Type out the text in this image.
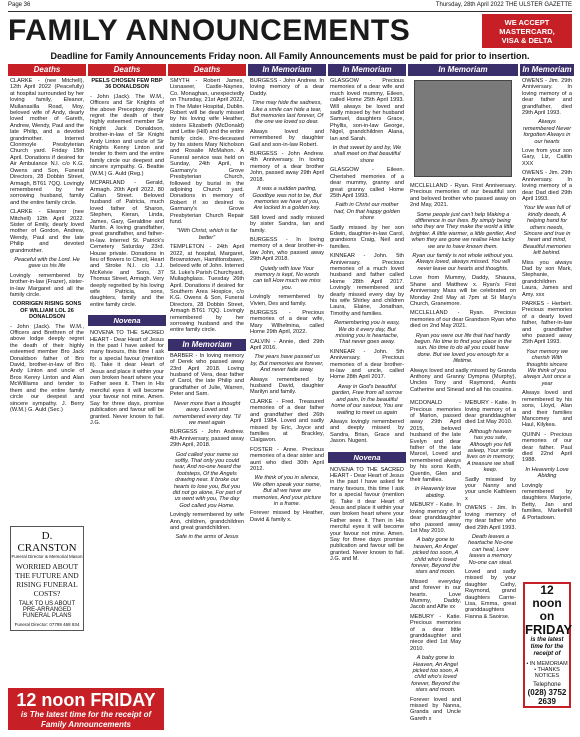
Page 36	Thursday, 28th April 2022 THE ULSTER GAZETTE
FAMILY ANNOUNCEMENTS	WE ACCEPT
MASTERCARD,
VISA & DELTA
Deadline for Family Announcements Friday noon. All Family Announcements must be paid for prior to insertion.
Deaths

CLARKE - (nee Mitchell), 12th April 2022 (Peacefully) at hospital surrounded by her loving family, Eleanor, Mullanasilla Road, Moy, beloved wife of Andy, dearly loved mother of Gareth, Andrew, Wendy, Paul and the late Philip, and a devoted grandmother. Interred Clonmoyle Presbyterian Church yard. Friday 15th April. Donations if desired for Air Ambulance N.I. c/o K.G. Owens and Son, Funeral Directors, 28 Dobbin Street, Armagh, BT61 7QQ. Lovingly remembered by her sorrowing husband, family and the entire family circle.

CLARKE - Eleanor (nee Mitchell) 12th April 2022. Sister of Emily, dearly loved mother of Gordon, Andrew, Wendy, Paul and the late Philip and devoted grandmother.

Peaceful with the Lord. He gave us his life

Lovingly remembered by brother-in-law (Frazer), sister-in-law Margaret and all the family circle.

CORRIGEN RISING SONS OF WILLIAM LOL 26 DONALDSON

- John (Jack). The W.M., Officers and Brethren of the above lodge deeply regret the death of their highly esteemed member Bro Jack Donaldson father of Bro David, brother-in-law of Bro Andy Linton and uncle of Bros Kenny Linton and Alan McWilliams and tender to them and the entire family circle our deepest and sincere sympathy. J. Berry (W.M.) G. Auld (Sec.)

D. CRANSTON
Funeral Director & Memorial Mason
WORRIED ABOUT THE FUTURE AND RISING FUNERAL COSTS?
TALK TO US ABOUT PRE-ARRANGED FUNERAL PLANS
Funeral Director: 07789 468 934
Deaths

PEELS CHOSEN FEW RBP 36 DONALDSON

- John (Jack). The W.M., Officers and Sir Knights of the above Preceptory deeply regret the death of their highly esteemed member Sir Knight Jack Donaldson, brother-in-law of Sir Knight Andy Linton and uncle of Sir Knights Kenny Linton and tender to them and the entire family circle our deepest and sincere sympathy. G. Beattie (W.M.) G. Auld (Reg.)

MCPARLAND - Gerald, Armagh. 20th April 2022. 80 Callan Street. Beloved husband of Patricia, much loved father of Sharon, Stephen, Kieran, Linda, James, Gary, Geraldine and Martin. A loving grandfather, great grandfather, and father-in-law. Interred St. Patrick's Cemetery Saturday 23rd. House private. Donations in lieu of flowers to Chest, Heart and Stroke N.I. c/o J.J. McKelvie and Sons, 37 Thomas Street, Armagh. Very deeply regretted by his loving wife Patricia, sons, daughters, family and the entire family circle.

Novena

NOVENA TO THE SACRED HEART - Dear Heart of Jesus in the past I have asked for many favours, this time I ask for a special favour (mention it). Take it dear Heart of Jesus and place it within your own broken heart where your Father sees it. Then in His merciful eyes it will become your favour not mine. Amen. Say for three days, promise publication and favour will be granted. Never known to fail. J.G.

12 noon FRIDAY
is The latest time for the receipt of Family Announcements
Deaths

SMYTH - Robert James, Lisnaseer, Castle-Naynes, Co. Monaghan, unexpectedly on Thursday, 21st April 2022, in The Mater Hospital, Dublin. Robert will be dearly missed by his loving wife Heather, sisters Elizabeth (McDonald) and Lettie (Hill) and the entire family circle. Pre-deceased by his sisters Mary Nicholson and Rosalie McMahon. A Funeral service was held on Sunday, 24th April, in Garmany's Grove Presbyterian Church, followed by burial in the adjoining Church yard. Donations in memory of Robert if so desired to Garmany's Grove Presbyterian Church Repair fund.

"With Christ, which is far better"

TEMPLETON - 24th April 2022, at hospital, Margaret, Brownstown, Hamiltonsbawn, beloved wife of John. Interred St. Luke's Parish Churchyard, Mullaghglass. Tuesday 26th April. Donations if desired for Southern Area Hospice, c/o K.G. Owens & Son, Funeral Directors, 28 Dobbin Street, Armagh BT61 7QQ. Lovingly remembered by her sorrowing husband and the entire family circle.

In Memoriam

BARBER - In loving memory of Derek who passed away 23rd April 2018. Loving husband of Vera, dear father of Carol, the late Philip and grandfather of Julie, Warren, Peter and Sam.

Never more than a thought away. Loved and remembered every day. 'Til we meet again

BURGESS - John Andrew. 4th Anniversary, passed away 29th April, 2018.

God called your name so softly, That only you could hear, And no-one heard the footsteps, Of the Angels drawing near. It broke our hearts to lose you, But you did not go alone, For part of us went with you, The day God called you Home.

Lovingly remembered by wife Ann, children, grandchildren and great grandchildren.

Safe in the arms of Jesus

In Memoriam

BURGESS - John Andrew. In loving memory of a dear Daddy.

Time may hide the sadness, Like a smile can hide a tear, But memories last forever, Of the one we loved so dear.

Always loved and remembered by daughter Gail and son-in-law Robert.

BURGESS - John Andrew. 4th Anniversary. In loving memory of a dear brother John, passed away 29th April 2018.

It was a sudden parting, Goodbye was not to be, But memories we have of you, Are locked in a golden key.

Still loved and sadly missed by sister Sandra, Ian and family.

BURGESS - In loving memory of a dear brother-in-law John, who passed away 29th April 2018.

Quietly with love Your memory is kept, No words can tell How much we miss you.

Lovingly remembered by Vivien, Des and family.

BURGESS - Precious memories of a dear wife, Mary Wilhelmina, called Home 29th April, 2022.

CALVIN - Annie, died 29th April 2016.

The years have passed us by, But memories are forever, And never fade away.

Always remembered by husband David, daughter Marilyn and family.

CLARKE - Fred. Treasured memories of a dear father and grandfather died 26th April 1984. Loved and sadly missed by Eric, Joyce and families at Brackley, Claigavon.

FOSTER - Anne. Precious memories of a dear sister and aunt who died 30th April 2012.

We think of you in silence, We often speak your name, But all we have are memories, And your picture in a frame.

Forever missed by Heather, David & family x.

In Memoriam

GLASGOW - Precious memories of a dear wife and much loved mummy, Eileen, called Home 25th April 1993. Will always be loved and sadly missed by her husband Samuel, daughters Grace, Phyllis, son-in-law George, Nigel, grandchildren Alana, Ian and Sarah.

In that sweet by and by, We shall meet on that beautiful shore

GLASGOW - Eileen. Cherished memories of a dear mummy, granny and great granny called Home 25th April 1993.

Faith in Christ our mother had, On that happy golden shore

Sadly missed by her son Edwin, daughter-in-law Carol, grandsons Craig, Neil and families.

KINNEAR - John. 5th Anniversary. Precious memories of a much loved husband and father called Home 28th April 2017. Lovingly remembered and dearly missed every day by his wife Shirley and children Laura, Elaine, Jonathan, Timothy and families.

Remembering you is easy, We do it every day, But missing you is heartache, That never goes away.

KINNEAR - John. 5th Anniversary. Precious memories of a dear brother-in-law and uncle, called Home 28th April 2017.

Away in God's beautiful garden, Free from all sorrow and pain, In the beautiful home of our saviour, You are waiting to meet us again

Always lovingly remembered and deeply missed by Sandra, Brian, Grace and Jason. Nugent.

Novena

NOVENA TO THE SACRED HEART - Dear Heart of Jesus in the past I have asked for many favours, this time I ask for a special favour (mention it). Take it dear Heart of Jesus and place it within your own broken heart where your Father sees it. Then in His merciful eyes it will become your favour not mine. Amen. Say for three days promise publication and favour will be granted. Never known to fail. J.G. and M.

In Memoriam

MCCLELLAND - Ryan. First Anniversary. Precious memories of our beautiful son and beloved brother who passed away on 2nd May, 2021.

Some people just can't help Making a difference in our lives. By simply being who they are They make the world a little brighter. A little warmer, a little gentler, And when they are gone we realise How lucky we are to have known them.

Ryan our family is not whole without you. Always loved, always missed. You will never leave our hearts and thoughts.

Love from Mummy, Daddy, Shauna, Shane and Matthew x. Ryan's First Anniversary Mass will be celebrated on Monday 2nd May at 7pm at St Mary's Church, Granemore.

MCCLELLAND - Ryan. Precious memories of our dear Grandson Ryan who died on 2nd May 2021.

Ryan you were our life that had hardly begun. No time to find your place in the sun. No time to do all you could have done. But we loved you enough for a lifetime.

Always loved and sadly missed by Granda Anthony and Granny Dympna (Murphy), Uncles Tony and Raymond, Aunts Catherine and Sinead and all his cousins.

MCDONALD - Precious memories of Marion, passed away 29th April 2015, beloved husband of the late Evelyn and dear father of the late Marcel, Loved and remembered always by his sons Keith, Quentin, Glen and their families.

In Heavenly love abiding.

MEBURY - Katie. In loving memory of a dear granddaughter who passed away 1st May 2010.

A baby gone to heaven, An Angel picked too soon, A child who's loved forever, Beyond the stars and moon.

Missed everyday and forever in our hearts. Love Mummy, Daddy, Jacob and Alfie xx

MEBURY - Katie. Precious memories of a dear little granddaughter and niece died 1st May 2010.

A baby gone to Heaven, An Angel picked too soon, A child who's loved forever, Beyond the stars and moon.

Forever loved and missed by Nanna, Granda and Uncle Gareth x

MEBURY - Katie. In loving memory of a dear granddaughter died 1st May 2010.

Although heaven has you safe, Although you fell asleep, Your smile lives on in memory, A treasure we shall keep.

Sadly missed by your Nanny and your uncle Kathleen x

OWENS - Jim. In loving memory of my dear father who died 29th April 1993.

Death leaves a heartache No-one can heal, Love leaves a memory No-one can steal.

Loved and sadly missed by your daughter Cathy, Raymond, grand daughters Carrie-Lisa, Emma, great granddaughters Fianna & Saoirse.

In Memoriam

OWENS - Jim. 29th Anniversary. In loving memory of a dear father and grandfather, died 29th April 1993.

Always remembered Never forgotten Always in our hearts

Love from your son Gary, Liz, Caitlin XXX

OWENS - Jim. 29th Anniversary. In loving memory of a dear Dad died 29th April 1993.

Your life was full of kindly deeds, A helping hand for others needs, Sincere and true in heart and mind, Beautiful memories left behind.

Miss you always Dad by son Mark, Stephanie, grandchildren Laura, James and Amy. xxx

PARKES - Herbert. Precious memories of a dearly loved father, father-in-law and grandfather who passed away 25th April 1993.

Your memory we cherish With thoughts sincere We think of you always Just once a year

Always loved and remembered by his sons, Lloyd, Alan and their families Mancomey and Haul, Kilykea.

QUINN - Precious memories of our dear father. Paul died 22nd April 1988.

In Heavenly Love Abiding

Lovingly remembered by daughters Marjorie, Betty, Jan and families, Markethill & Portadown.

12 noon on
FRIDAY
is the latest time for the receipt of
• IN MEMORIAM
• THANKS NOTICES
Telephone
(028) 3752 2639
